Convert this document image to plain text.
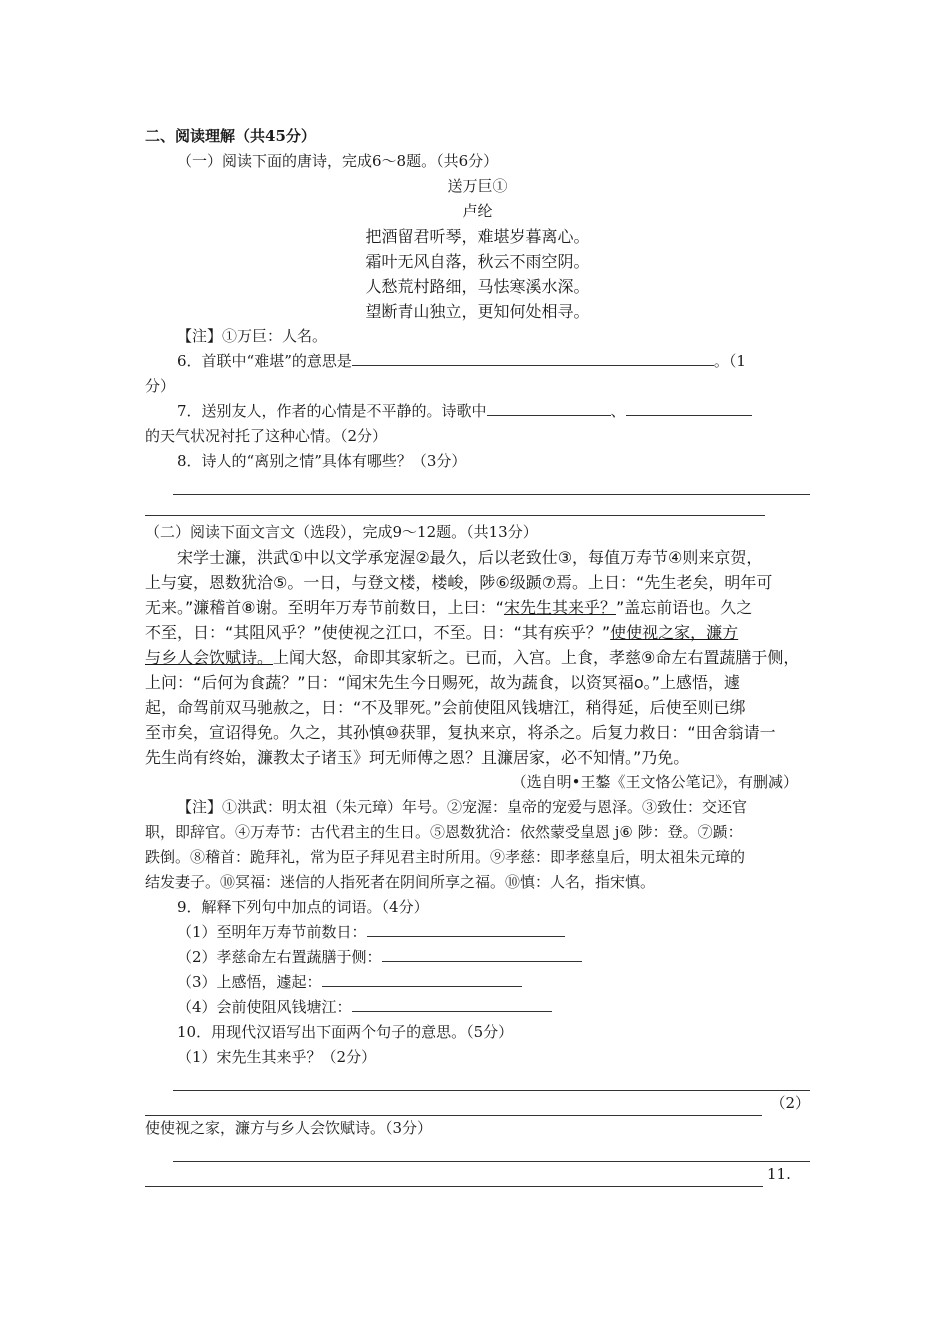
二、阅读理解（共45分）
（一）阅读下面的唐诗，完成6～8题。（共6分）
送万巨①
卢纶
把酒留君听琴，难堪岁暮离心。
霜叶无风自落，秋云不雨空阴。
人愁荒村路细，马怯寒溪水深。
望断青山独立，更知何处相寻。
【注】①万巨：人名。
6．首联中“难堪”的意思是	。（1
分）
7．送别友人，作者的心情是不平静的。诗歌中	、
的天气状况衬托了这种心情。（2分）
8．诗人的“离别之情”具体有哪些？（3分）
（二）阅读下面文言文（选段），完成9～12题。（共13分）
宋学士濂，洪武①中以文学承宠渥②最久，后以老致仕③，每值万寿节④则来京贺，
上与宴，恩数犹洽⑤。一日，与登文楼，楼峻，陟⑥级踬⑦焉。上日：“先生老矣，明年可
无来。”濂稽首⑧谢。至明年万寿节前数日，上曰：“宋先生其来乎？”盖忘前语也。久之
不至，日：“其阻风乎？”使使视之江口，不至。日：“其有疾乎？”使使视之家，濂方
与乡人会饮赋诗。上闻大怒，命即其家斩之。已而，入宫。上食，孝慈⑨命左右置蔬膳于侧，
上问：“后何为食蔬？”日：“闻宋先生今日赐死，故为蔬食，以资冥福o。”上感悟，遽
起，命驾前双马驰赦之，日：“不及罪死。”会前使阻风钱塘江，稍得延，后使至则已绑
至市矣，宣诏得免。久之，其孙慎⑩获罪，复执来京，将杀之。后复力救日：“田舍翁请一
先生尚有终始，濂教太子诸玉》珂无师傅之恩？且濂居家，必不知情。”乃免。
（选自明•王鏊《王文恪公笔记》，有删减）
【注】①洪武：明太祖（朱元璋）年号。②宠渥：皇帝的宠爱与恩泽。③致仕：交还官
职，即辞官。④万寿节：古代君主的生日。⑤恩数犹洽：依然蒙受皇恩 j⑥ 陟：登。⑦踬：
跌倒。⑧稽首：跪拜礼，常为臣子拜见君主时所用。⑨孝慈：即孝慈皇后，明太祖朱元璋的
结发妻子。⑩冥福：迷信的人指死者在阴间所享之福。⑩慎：人名，指宋慎。
9．解释下列句中加点的词语。（4分）
（1）至明年万寿节前数日：
（2）孝慈命左右置蔬膳于侧：
（3）上感悟，遽起：
（4）会前使阻风钱塘江：
10．用现代汉语写出下面两个句子的意思。（5分）
（1）宋先生其来乎？（2分）
（2）
使使视之家，濂方与乡人会饮赋诗。（3分）
11.
